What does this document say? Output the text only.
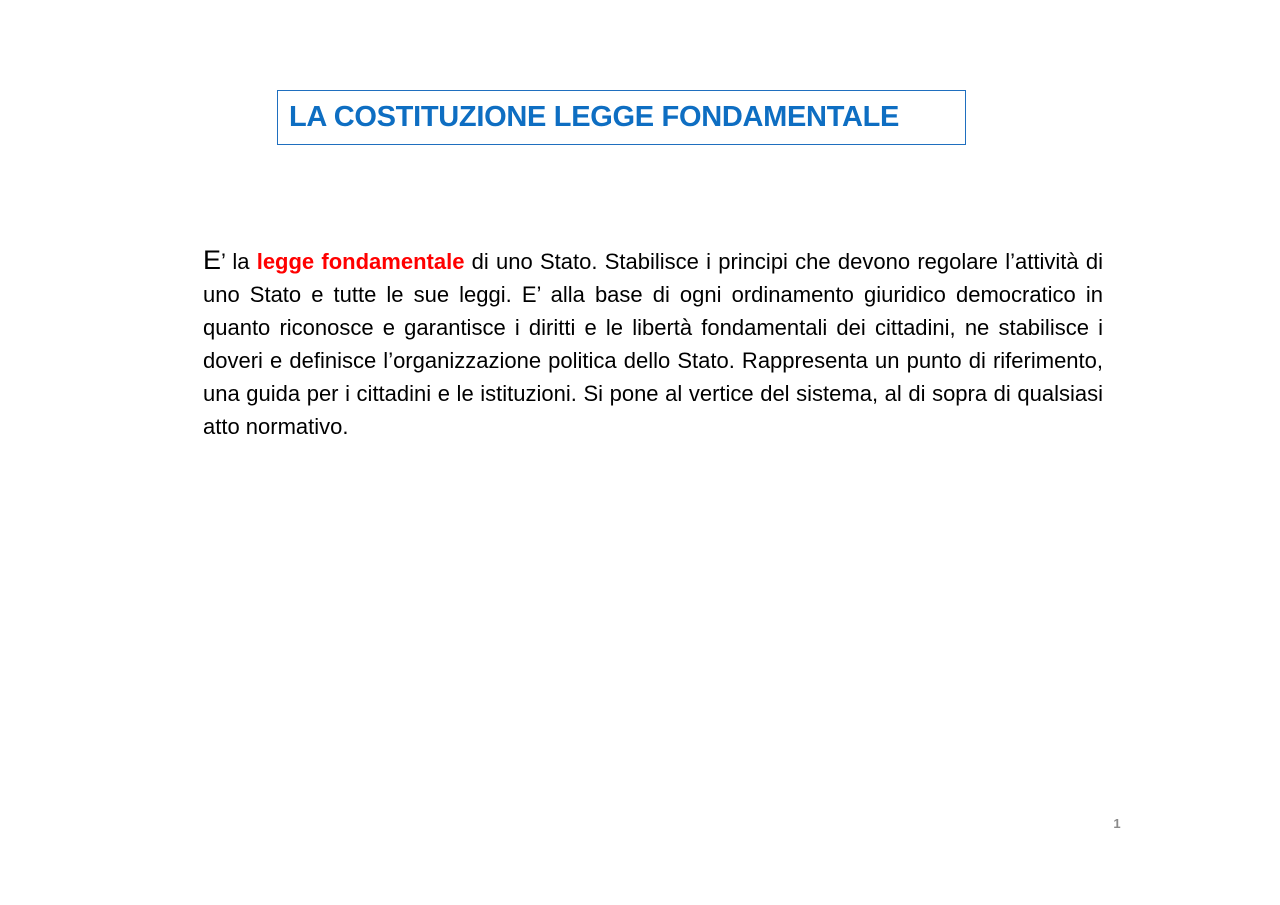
LA COSTITUZIONE LEGGE FONDAMENTALE

E’ la legge fondamentale di uno Stato. Stabilisce i principi che devono regolare l’attività di uno Stato e tutte le sue leggi. E’ alla base di ogni ordinamento giuridico democratico in quanto riconosce e garantisce i diritti e le libertà fondamentali dei cittadini, ne stabilisce i doveri e definisce l’organizzazione politica dello Stato. Rappresenta un punto di riferimento, una guida per i cittadini e le istituzioni. Si pone al vertice del sistema, al di sopra di qualsiasi atto normativo.

1
